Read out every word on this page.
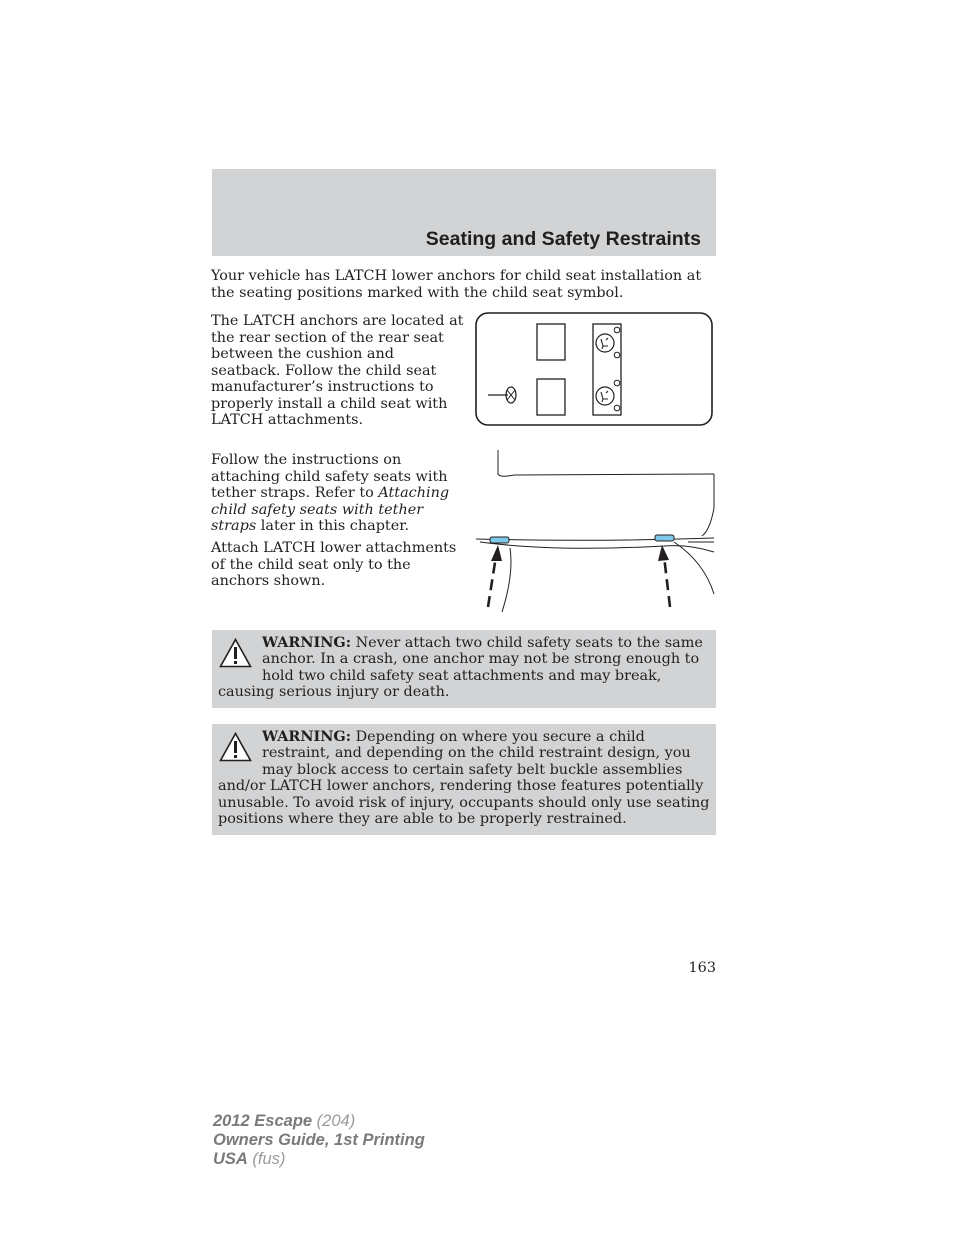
Seating and Safety Restraints

Your vehicle has LATCH lower anchors for child seat installation at the seating positions marked with the child seat symbol.

The LATCH anchors are located at the rear section of the rear seat between the cushion and seatback. Follow the child seat manufacturer’s instructions to properly install a child seat with LATCH attachments.

Follow the instructions on attaching child safety seats with tether straps. Refer to Attaching child safety seats with tether straps later in this chapter.

Attach LATCH lower attachments of the child seat only to the anchors shown.

WARNING: Never attach two child safety seats to the same anchor. In a crash, one anchor may not be strong enough to hold two child safety seat attachments and may break, causing serious injury or death.

WARNING: Depending on where you secure a child restraint, and depending on the child restraint design, you may block access to certain safety belt buckle assemblies and/or LATCH lower anchors, rendering those features potentially unusable. To avoid risk of injury, occupants should only use seating positions where they are able to be properly restrained.

163

2012 Escape (204)
Owners Guide, 1st Printing
USA (fus)
